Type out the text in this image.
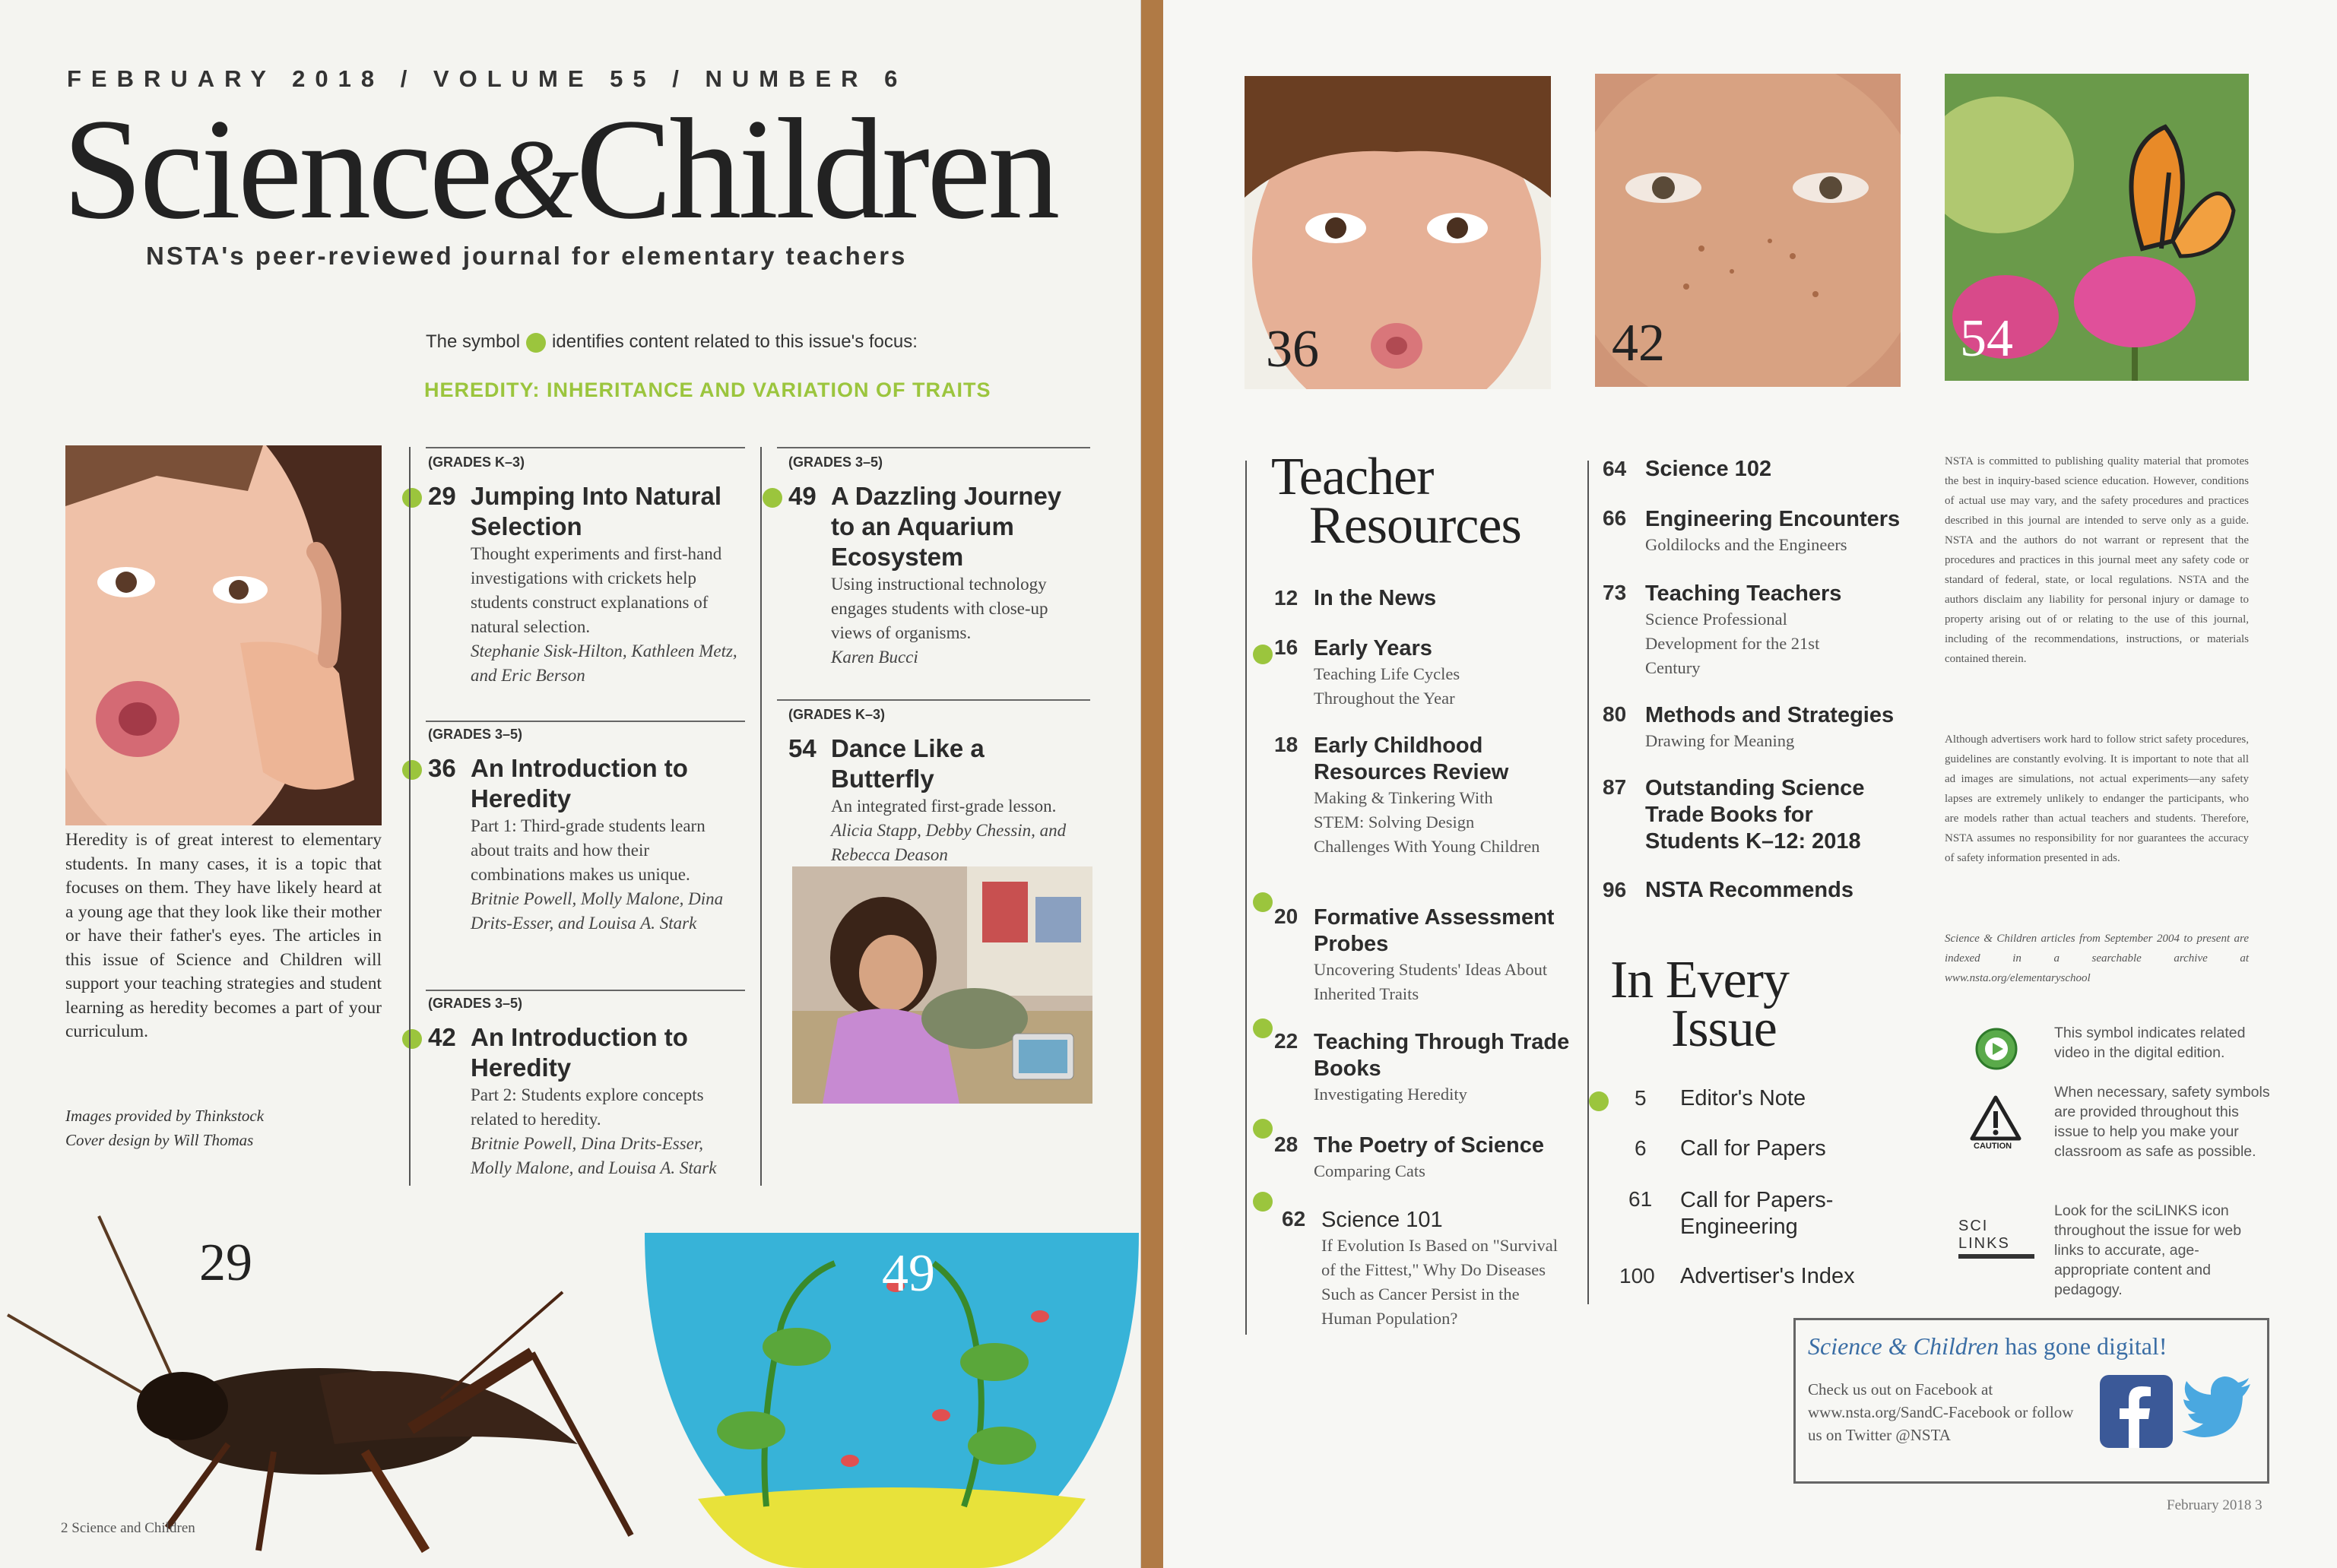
FEBRUARY 2018 / VOLUME 55 / NUMBER 6
Science&Children
NSTA's peer-reviewed journal for elementary teachers
The symbol identifies content related to this issue's focus:
HEREDITY: INHERITANCE AND VARIATION OF TRAITS
Heredity is of great interest to elementary students. In many cases, it is a topic that focuses on them. They have likely heard at a young age that they look like their mother or have their father's eyes. The articles in this issue of Science and Children will support your teaching strategies and student learning as heredity becomes a part of your curriculum.
Images provided by Thinkstock
Cover design by Will Thomas
(GRADES K–3)
29 Jumping Into Natural Selection
Thought experiments and first-hand investigations with crickets help students construct explanations of natural selection.
Stephanie Sisk-Hilton, Kathleen Metz, and Eric Berson
(GRADES 3–5)
36 An Introduction to Heredity
Part 1: Third-grade students learn about traits and how their combinations makes us unique.
Britnie Powell, Molly Malone, Dina Drits-Esser, and Louisa A. Stark
(GRADES 3–5)
42 An Introduction to Heredity
Part 2: Students explore concepts related to heredity.
Britnie Powell, Dina Drits-Esser, Molly Malone, and Louisa A. Stark
(GRADES 3–5)
49 A Dazzling Journey to an Aquarium Ecosystem
Using instructional technology engages students with close-up views of organisms.
Karen Bucci
(GRADES K–3)
54 Dance Like a Butterfly
An integrated first-grade lesson.
Alicia Stapp, Debby Chessin, and Rebecca Deason
29	49
2 Science and Children
36	42	54
Teacher
Resources
12 In the News
16 Early Years
Teaching Life Cycles Throughout the Year
18 Early Childhood Resources Review
Making & Tinkering With STEM: Solving Design Challenges With Young Children
20 Formative Assessment Probes
Uncovering Students' Ideas About Inherited Traits
22 Teaching Through Trade Books
Investigating Heredity
28 The Poetry of Science
Comparing Cats
62 Science 101
If Evolution Is Based on "Survival of the Fittest," Why Do Diseases Such as Cancer Persist in the Human Population?
64 Science 102
66 Engineering Encounters
Goldilocks and the Engineers
73 Teaching Teachers
Science Professional Development for the 21st Century
80 Methods and Strategies
Drawing for Meaning
87 Outstanding Science Trade Books for Students K–12: 2018
96 NSTA Recommends
In Every
Issue
5 Editor's Note
6 Call for Papers
61	Call for Papers-Engineering
100 Advertiser's Index
NSTA is committed to publishing quality material that promotes the best in inquiry-based science education. However, conditions of actual use may vary, and the safety procedures and practices described in this journal are intended to serve only as a guide. NSTA and the authors do not warrant or represent that the procedures and practices in this journal meet any safety code or standard of federal, state, or local regulations. NSTA and the authors disclaim any liability for personal injury or damage to property arising out of or relating to the use of this journal, including of the recommendations, instructions, or materials contained therein.
Although advertisers work hard to follow strict safety procedures, guidelines are constantly evolving. It is important to note that all ad images are simulations, not actual experiments—any safety lapses are extremely unlikely to endanger the participants, who are models rather than actual teachers and students. Therefore, NSTA assumes no responsibility for nor guarantees the accuracy of safety information presented in ads.
Science & Children articles from September 2004 to present are indexed in a searchable archive at www.nsta.org/elementaryschool
This symbol indicates related video in the digital edition.
CAUTION
When necessary, safety symbols are provided throughout this issue to help you make your classroom as safe as possible.
SCI LINKS
Look for the sciLINKS icon throughout the issue for web links to accurate, age-appropriate content and pedagogy.
Science & Children has gone digital!
Check us out on Facebook at www.nsta.org/SandC-Facebook or follow us on Twitter @NSTA
February 2018 3
